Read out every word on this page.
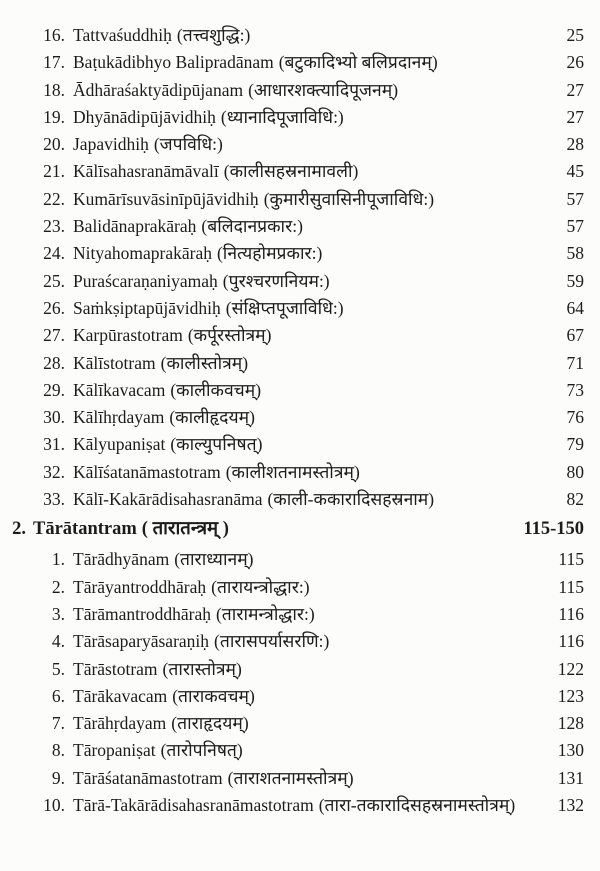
16. Tattvaśuddhiḥ (तत्त्वशुद्धि:)	25
17. Baṭukādibhyo Balipradānam (बटुकादिभ्यो बलिप्रदानम्)	26
18. Ādhāraśaktyādipūjanam (आधारशक्त्यादिपूजनम्)	27
19. Dhyānādipūjāvidhiḥ (ध्यानादिपूजाविधि:)	27
20. Japavidhiḥ (जपविधि:)	28
21. Kālīsahasranāmāvalī (कालीसहस्रनामावली)	45
22. Kumārīsuvāsinīpūjāvidhiḥ (कुमारीसुवासिनीपूजाविधि:)	57
23. Balidānaprakāraḥ (बलिदानप्रकार:)	57
24. Nityahomaprakāraḥ (नित्यहोमप्रकार:)	58
25. Puraścaraṇaniyamaḥ (पुरश्चरणनियम:)	59
26. Saṁkṣiptapūjāvidhiḥ (संक्षिप्तपूजाविधि:)	64
27. Karpūrastotram (कर्पूरस्तोत्रम्)	67
28. Kālīstotram (कालीस्तोत्रम्)	71
29. Kālīkavacam (कालीकवचम्)	73
30. Kālīhṛdayam (कालीहृदयम्)	76
31. Kālyupaniṣat (काल्युपनिषत्)	79
32. Kālīśatanāmastotram (कालीशतनामस्तोत्रम्)	80
33. Kālī-Kakārādisahasranāma (काली-ककारादिसहस्रनाम)	82
2. Tārātantram ( तारातन्त्रम् )	115-150
1. Tārādhyānam (ताराध्यानम्)	115
2. Tārāyantroddhāraḥ (तारायन्त्रोद्धार:)	115
3. Tārāmantroddhāraḥ (तारामन्त्रोद्धार:)	116
4. Tārāsaparyāsaraṇiḥ (तारासपर्यासरणि:)	116
5. Tārāstotram (तारास्तोत्रम्)	122
6. Tārākavacam (ताराकवचम्)	123
7. Tārāhṛdayam (ताराहृदयम्)	128
8. Tāropaniṣat (तारोपनिषत्)	130
9. Tārāśatanāmastotram (ताराशतनामस्तोत्रम्)	131
10. Tārā-Takārādisahasranāmastotram (तारा-तकारादिसहस्रनामस्तोत्रम्)	132
